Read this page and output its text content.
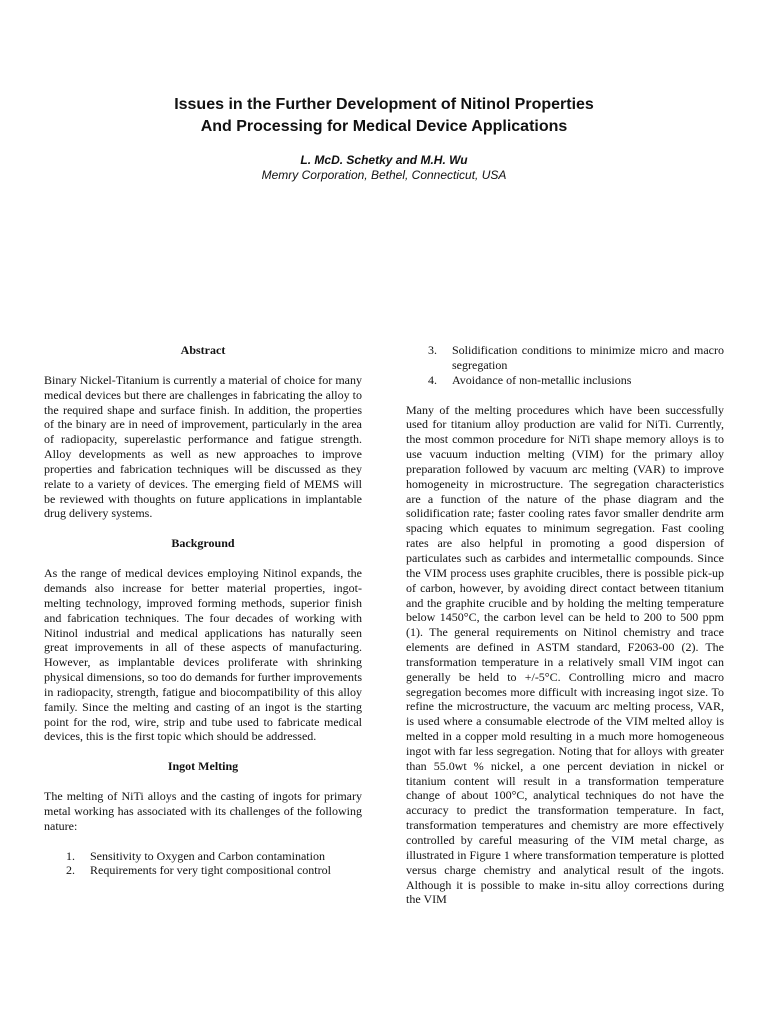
Issues in the Further Development of Nitinol Properties

And Processing for Medical Device Applications

L. McD. Schetky and M.H. Wu
Memry Corporation, Bethel, Connecticut, USA
Abstract
Binary Nickel-Titanium is currently a material of choice for many medical devices but there are challenges in fabricating the alloy to the required shape and surface finish. In addition, the properties of the binary are in need of improvement, particularly in the area of radiopacity, superelastic performance and fatigue strength. Alloy developments as well as new approaches to improve properties and fabrication techniques will be discussed as they relate to a variety of devices. The emerging field of MEMS will be reviewed with thoughts on future applications in implantable drug delivery systems.
Background
As the range of medical devices employing Nitinol expands, the demands also increase for better material properties, ingot-melting technology, improved forming methods, superior finish and fabrication techniques. The four decades of working with Nitinol industrial and medical applications has naturally seen great improvements in all of these aspects of manufacturing. However, as implantable devices proliferate with shrinking physical dimensions, so too do demands for further improvements in radiopacity, strength, fatigue and biocompatibility of this alloy family. Since the melting and casting of an ingot is the starting point for the rod, wire, strip and tube used to fabricate medical devices, this is the first topic which should be addressed.
Ingot Melting
The melting of NiTi alloys and the casting of ingots for primary metal working has associated with its challenges of the following nature:
1.	Sensitivity to Oxygen and Carbon contamination
2.	Requirements for very tight compositional control
3.	Solidification conditions to minimize micro and macro segregation
4.	Avoidance of non-metallic inclusions
Many of the melting procedures which have been successfully used for titanium alloy production are valid for NiTi. Currently, the most common procedure for NiTi shape memory alloys is to use vacuum induction melting (VIM) for the primary alloy preparation followed by vacuum arc melting (VAR) to improve homogeneity in microstructure. The segregation characteristics are a function of the nature of the phase diagram and the solidification rate; faster cooling rates favor smaller dendrite arm spacing which equates to minimum segregation. Fast cooling rates are also helpful in promoting a good dispersion of particulates such as carbides and intermetallic compounds. Since the VIM process uses graphite crucibles, there is possible pick-up of carbon, however, by avoiding direct contact between titanium and the graphite crucible and by holding the melting temperature below 1450°C, the carbon level can be held to 200 to 500 ppm (1). The general requirements on Nitinol chemistry and trace elements are defined in ASTM standard, F2063-00 (2). The transformation temperature in a relatively small VIM ingot can generally be held to +/-5°C. Controlling micro and macro segregation becomes more difficult with increasing ingot size. To refine the microstructure, the vacuum arc melting process, VAR, is used where a consumable electrode of the VIM melted alloy is melted in a copper mold resulting in a much more homogeneous ingot with far less segregation. Noting that for alloys with greater than 55.0wt % nickel, a one percent deviation in nickel or titanium content will result in a transformation temperature change of about 100°C, analytical techniques do not have the accuracy to predict the transformation temperature. In fact, transformation temperatures and chemistry are more effectively controlled by careful measuring of the VIM metal charge, as illustrated in Figure 1 where transformation temperature is plotted versus charge chemistry and analytical result of the ingots. Although it is possible to make in-situ alloy corrections during the VIM
